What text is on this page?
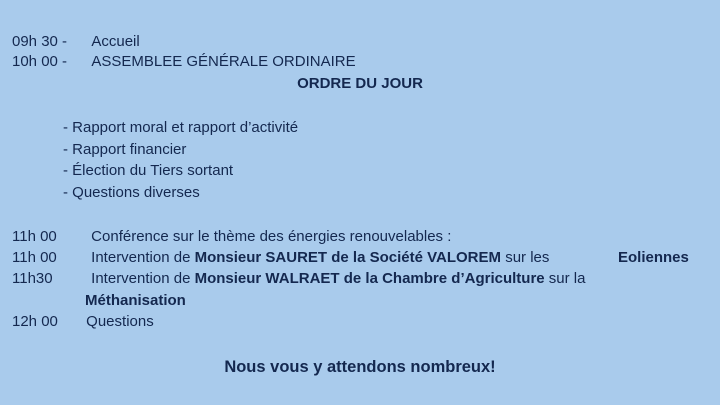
09h 30 - Accueil
10h 00 - ASSEMBLEE GÉNÉRALE ORDINAIRE
ORDRE DU JOUR
- Rapport moral et rapport d’activité
- Rapport financier
- Élection du Tiers sortant
- Questions diverses
11h 00 Conférence sur le thème des énergies renouvelables :
11h 00 Intervention de Monsieur SAURET de la Société VALOREM sur les	Eoliennes
11h30	Intervention de Monsieur WALRAET de la Chambre d’Agriculture sur la
Méthanisation
12h 00 Questions
Nous vous y attendons nombreux!
